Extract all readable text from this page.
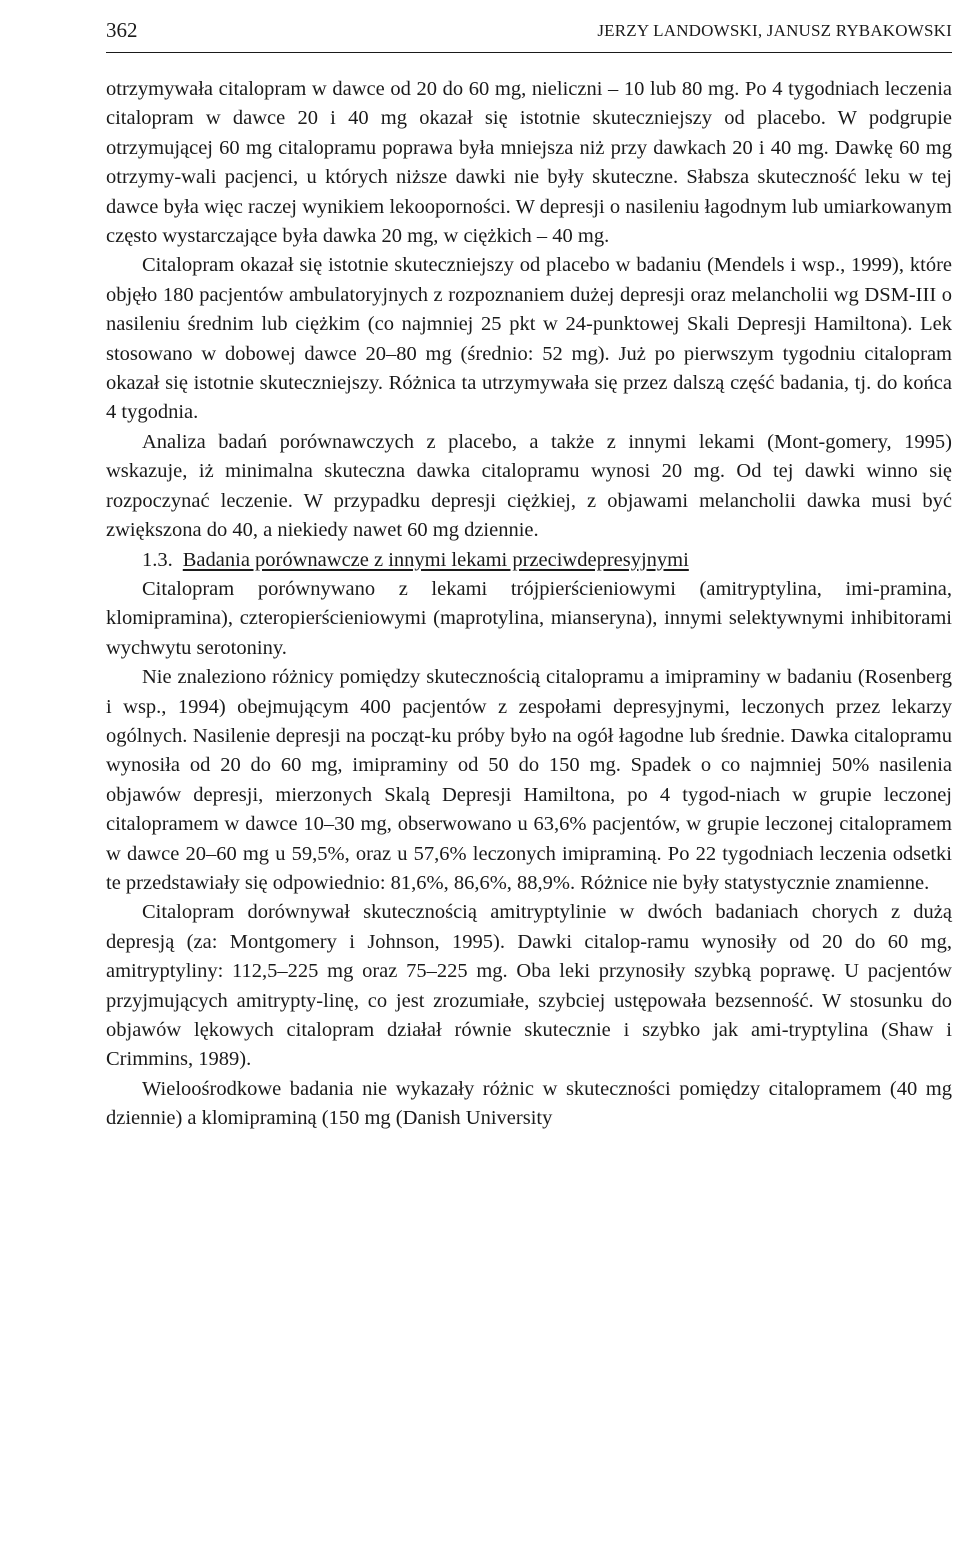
362	JERZY LANDOWSKI, JANUSZ RYBAKOWSKI

otrzymywała citalopram w dawce od 20 do 60 mg, nieliczni – 10 lub 80 mg. Po 4 tygodniach leczenia citalopram w dawce 20 i 40 mg okazał się istotnie skuteczniejszy od placebo. W podgrupie otrzymującej 60 mg citalopramu poprawa była mniejsza niż przy dawkach 20 i 40 mg. Dawkę 60 mg otrzymy-wali pacjenci, u których niższe dawki nie były skuteczne. Słabsza skuteczność leku w tej dawce była więc raczej wynikiem lekooporności. W depresji o nasileniu łagodnym lub umiarkowanym często wystarczające była dawka 20 mg, w ciężkich – 40 mg.

Citalopram okazał się istotnie skuteczniejszy od placebo w badaniu (Mendels i wsp., 1999), które objęło 180 pacjentów ambulatoryjnych z rozpoznaniem dużej depresji oraz melancholii wg DSM-III o nasileniu średnim lub ciężkim (co najmniej 25 pkt w 24-punktowej Skali Depresji Hamiltona). Lek stosowano w dobowej dawce 20–80 mg (średnio: 52 mg). Już po pierwszym tygodniu citalopram okazał się istotnie skuteczniejszy. Różnica ta utrzymywała się przez dalszą część badania, tj. do końca 4 tygodnia.

Analiza badań porównawczych z placebo, a także z innymi lekami (Mont-gomery, 1995) wskazuje, iż minimalna skuteczna dawka citalopramu wynosi 20 mg. Od tej dawki winno się rozpoczynać leczenie. W przypadku depresji ciężkiej, z objawami melancholii dawka musi być zwiększona do 40, a niekiedy nawet 60 mg dziennie.

1.3. Badania porównawcze z innymi lekami przeciwdepresyjnymi

Citalopram porównywano z lekami trójpierścieniowymi (amitryptylina, imi-pramina, klomipramina), czteropierścieniowymi (maprotylina, mianseryna), innymi selektywnymi inhibitorami wychwytu serotoniny.

Nie znaleziono różnicy pomiędzy skutecznością citalopramu a imipraminy w badaniu (Rosenberg i wsp., 1994) obejmującym 400 pacjentów z zespołami depresyjnymi, leczonych przez lekarzy ogólnych. Nasilenie depresji na począt-ku próby było na ogół łagodne lub średnie. Dawka citalopramu wynosiła od 20 do 60 mg, imipraminy od 50 do 150 mg. Spadek o co najmniej 50% nasilenia objawów depresji, mierzonych Skalą Depresji Hamiltona, po 4 tygod-niach w grupie leczonej citalopramem w dawce 10–30 mg, obserwowano u 63,6% pacjentów, w grupie leczonej citalopramem w dawce 20–60 mg u 59,5%, oraz u 57,6% leczonych imipraminą. Po 22 tygodniach leczenia odsetki te przedstawiały się odpowiednio: 81,6%, 86,6%, 88,9%. Różnice nie były statystycznie znamienne.

Citalopram dorównywał skutecznością amitryptylinie w dwóch badaniach chorych z dużą depresją (za: Montgomery i Johnson, 1995). Dawki citalop-ramu wynosiły od 20 do 60 mg, amitryptyliny: 112,5–225 mg oraz 75–225 mg. Oba leki przynosiły szybką poprawę. U pacjentów przyjmujących amitrypty-linę, co jest zrozumiałe, szybciej ustępowała bezsenność. W stosunku do objawów lękowych citalopram działał równie skutecznie i szybko jak ami-tryptylina (Shaw i Crimmins, 1989).

Wieloośrodkowe badania nie wykazały różnic w skuteczności pomiędzy citalopramem (40 mg dziennie) a klomipraminą (150 mg (Danish University
